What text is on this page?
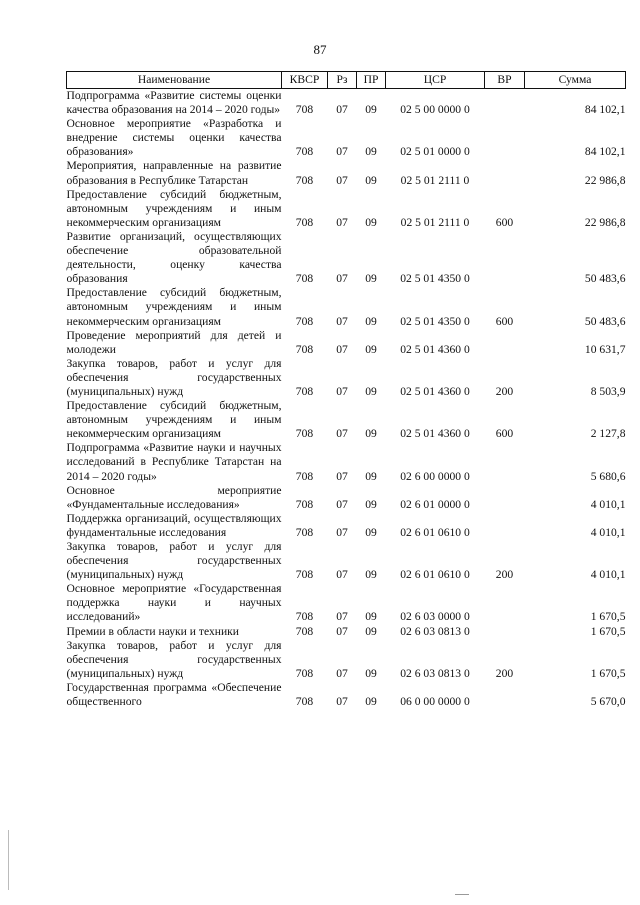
87
Наименование	КВСР	Рз	ПР	ЦСР	ВР	Сумма
Подпрограмма «Развитие системы оценки качества образования на 2014 – 2020 годы»	708	07	09	02 5 00 0000 0		84 102,1
Основное мероприятие «Разработка и внедрение системы оценки качества образования»	708	07	09	02 5 01 0000 0		84 102,1
Мероприятия, направленные на развитие образования в Республике Татарстан	708	07	09	02 5 01 2111 0		22 986,8
Предоставление субсидий бюджетным, автономным учреждениям и иным некоммерческим организациям	708	07	09	02 5 01 2111 0	600	22 986,8
Развитие организаций, осуществляющих обеспечение образовательной деятельности, оценку качества образования	708	07	09	02 5 01 4350 0		50 483,6
Предоставление субсидий бюджетным, автономным учреждениям и иным некоммерческим организациям	708	07	09	02 5 01 4350 0	600	50 483,6
Проведение мероприятий для детей и молодежи	708	07	09	02 5 01 4360 0		10 631,7
Закупка товаров, работ и услуг для обеспечения государственных (муниципальных) нужд	708	07	09	02 5 01 4360 0	200	8 503,9
Предоставление субсидий бюджетным, автономным учреждениям и иным некоммерческим организациям	708	07	09	02 5 01 4360 0	600	2 127,8
Подпрограмма «Развитие науки и научных исследований в Республике Татарстан на 2014 – 2020 годы»	708	07	09	02 6 00 0000 0		5 680,6
Основное мероприятие «Фундаментальные исследования»	708	07	09	02 6 01 0000 0		4 010,1
Поддержка организаций, осуществляющих фундаментальные исследования	708	07	09	02 6 01 0610 0		4 010,1
Закупка товаров, работ и услуг для обеспечения государственных (муниципальных) нужд	708	07	09	02 6 01 0610 0	200	4 010,1
Основное мероприятие «Государственная поддержка науки и научных исследований»	708	07	09	02 6 03 0000 0		1 670,5
Премии в области науки и техники	708	07	09	02 6 03 0813 0		1 670,5
Закупка товаров, работ и услуг для обеспечения государственных (муниципальных) нужд	708	07	09	02 6 03 0813 0	200	1 670,5
Государственная программа «Обеспечение общественного	708	07	09	06 0 00 0000 0		5 670,0
